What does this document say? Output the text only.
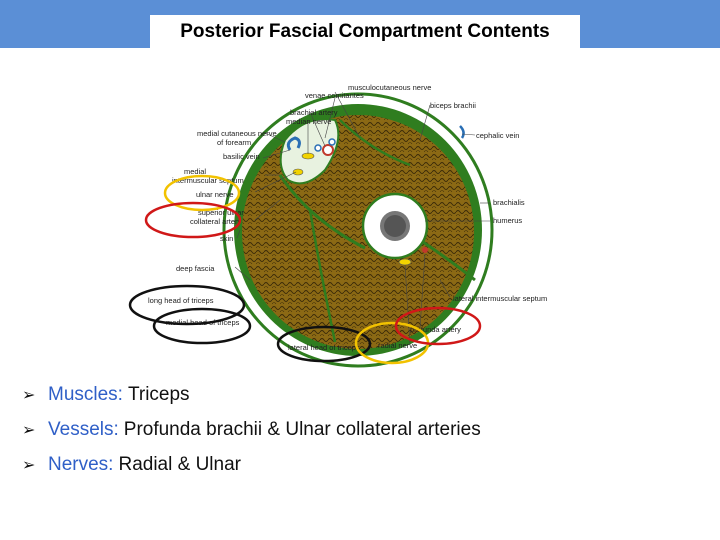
Posterior Fascial Compartment Contents
venae comitantes
musculocutaneous nerve
brachial artery
biceps brachii
median nerve
medial cutaneous nerve
of forearm
cephalic vein
basilic vein
medial
intermuscular septum
ulnar nerve
superior ulnar
collateral artery
skin
brachialis
humerus
deep fascia
lateral intermuscular septum
long head of triceps
medial head of triceps
profunda artery
lateral head of triceps radial nerve
➢ Muscles: Triceps
➢ Vessels: Profunda brachii & Ulnar collateral arteries
➢ Nerves: Radial & Ulnar
